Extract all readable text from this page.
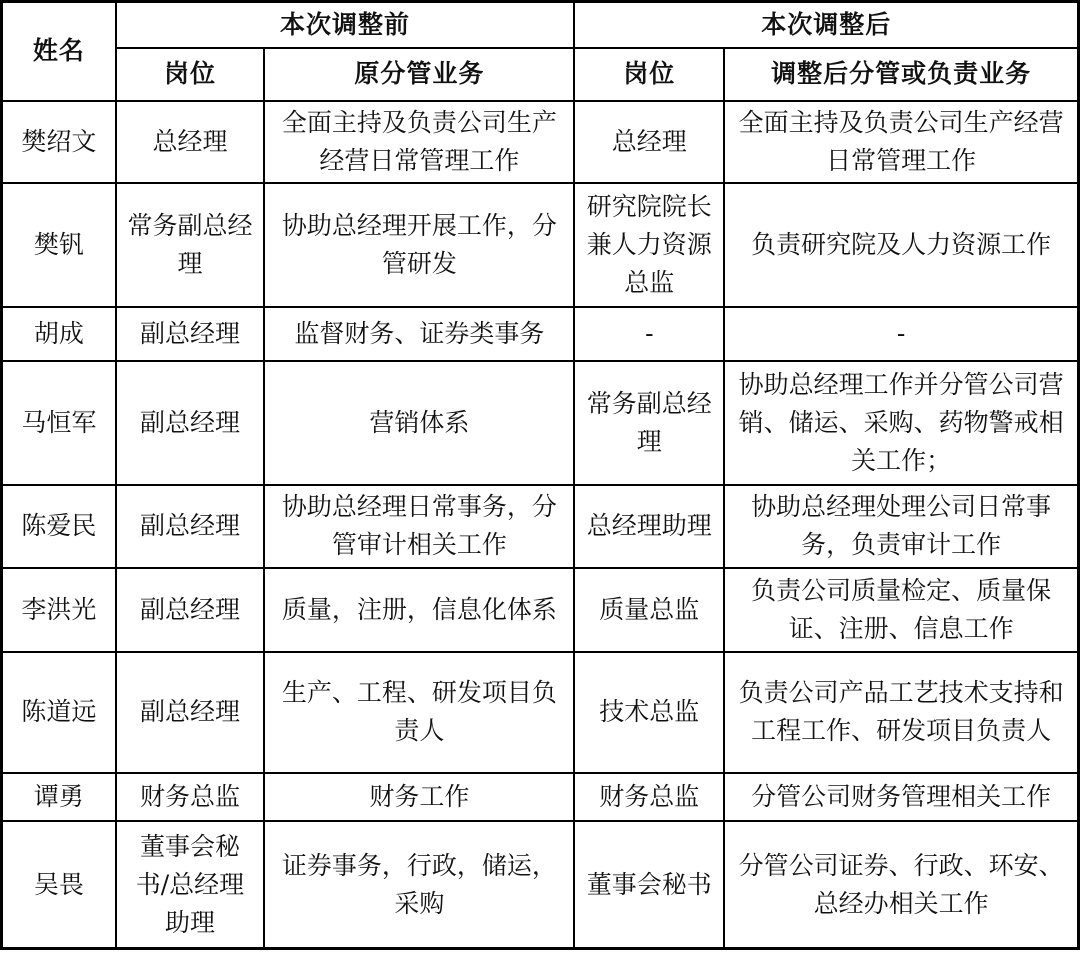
姓名	本次调整前		本次调整后	
	岗位	原分管业务	岗位	调整后分管或负责业务
樊绍文	总经理	全面主持及负责公司生产经营日常管理工作	总经理	全面主持及负责公司生产经营日常管理工作
樊钒	常务副总经理	协助总经理开展工作，分管研发	研究院院长兼人力资源总监	负责研究院及人力资源工作
胡成	副总经理	监督财务、证券类事务	-	-
马恒军	副总经理	营销体系	常务副总经理	协助总经理工作并分管公司营销、储运、采购、药物警戒相关工作；
陈爱民	副总经理	协助总经理日常事务，分管审计相关工作	总经理助理	协助总经理处理公司日常事务，负责审计工作
李洪光	副总经理	质量，注册，信息化体系	质量总监	负责公司质量检定、质量保证、注册、信息工作
陈道远	副总经理	生产、工程、研发项目负责人	技术总监	负责公司产品工艺技术支持和工程工作、研发项目负责人
谭勇	财务总监	财务工作	财务总监	分管公司财务管理相关工作
吴畏	董事会秘书/总经理助理	证券事务，行政，储运，采购	董事会秘书	分管公司证券、行政、环安、总经办相关工作
